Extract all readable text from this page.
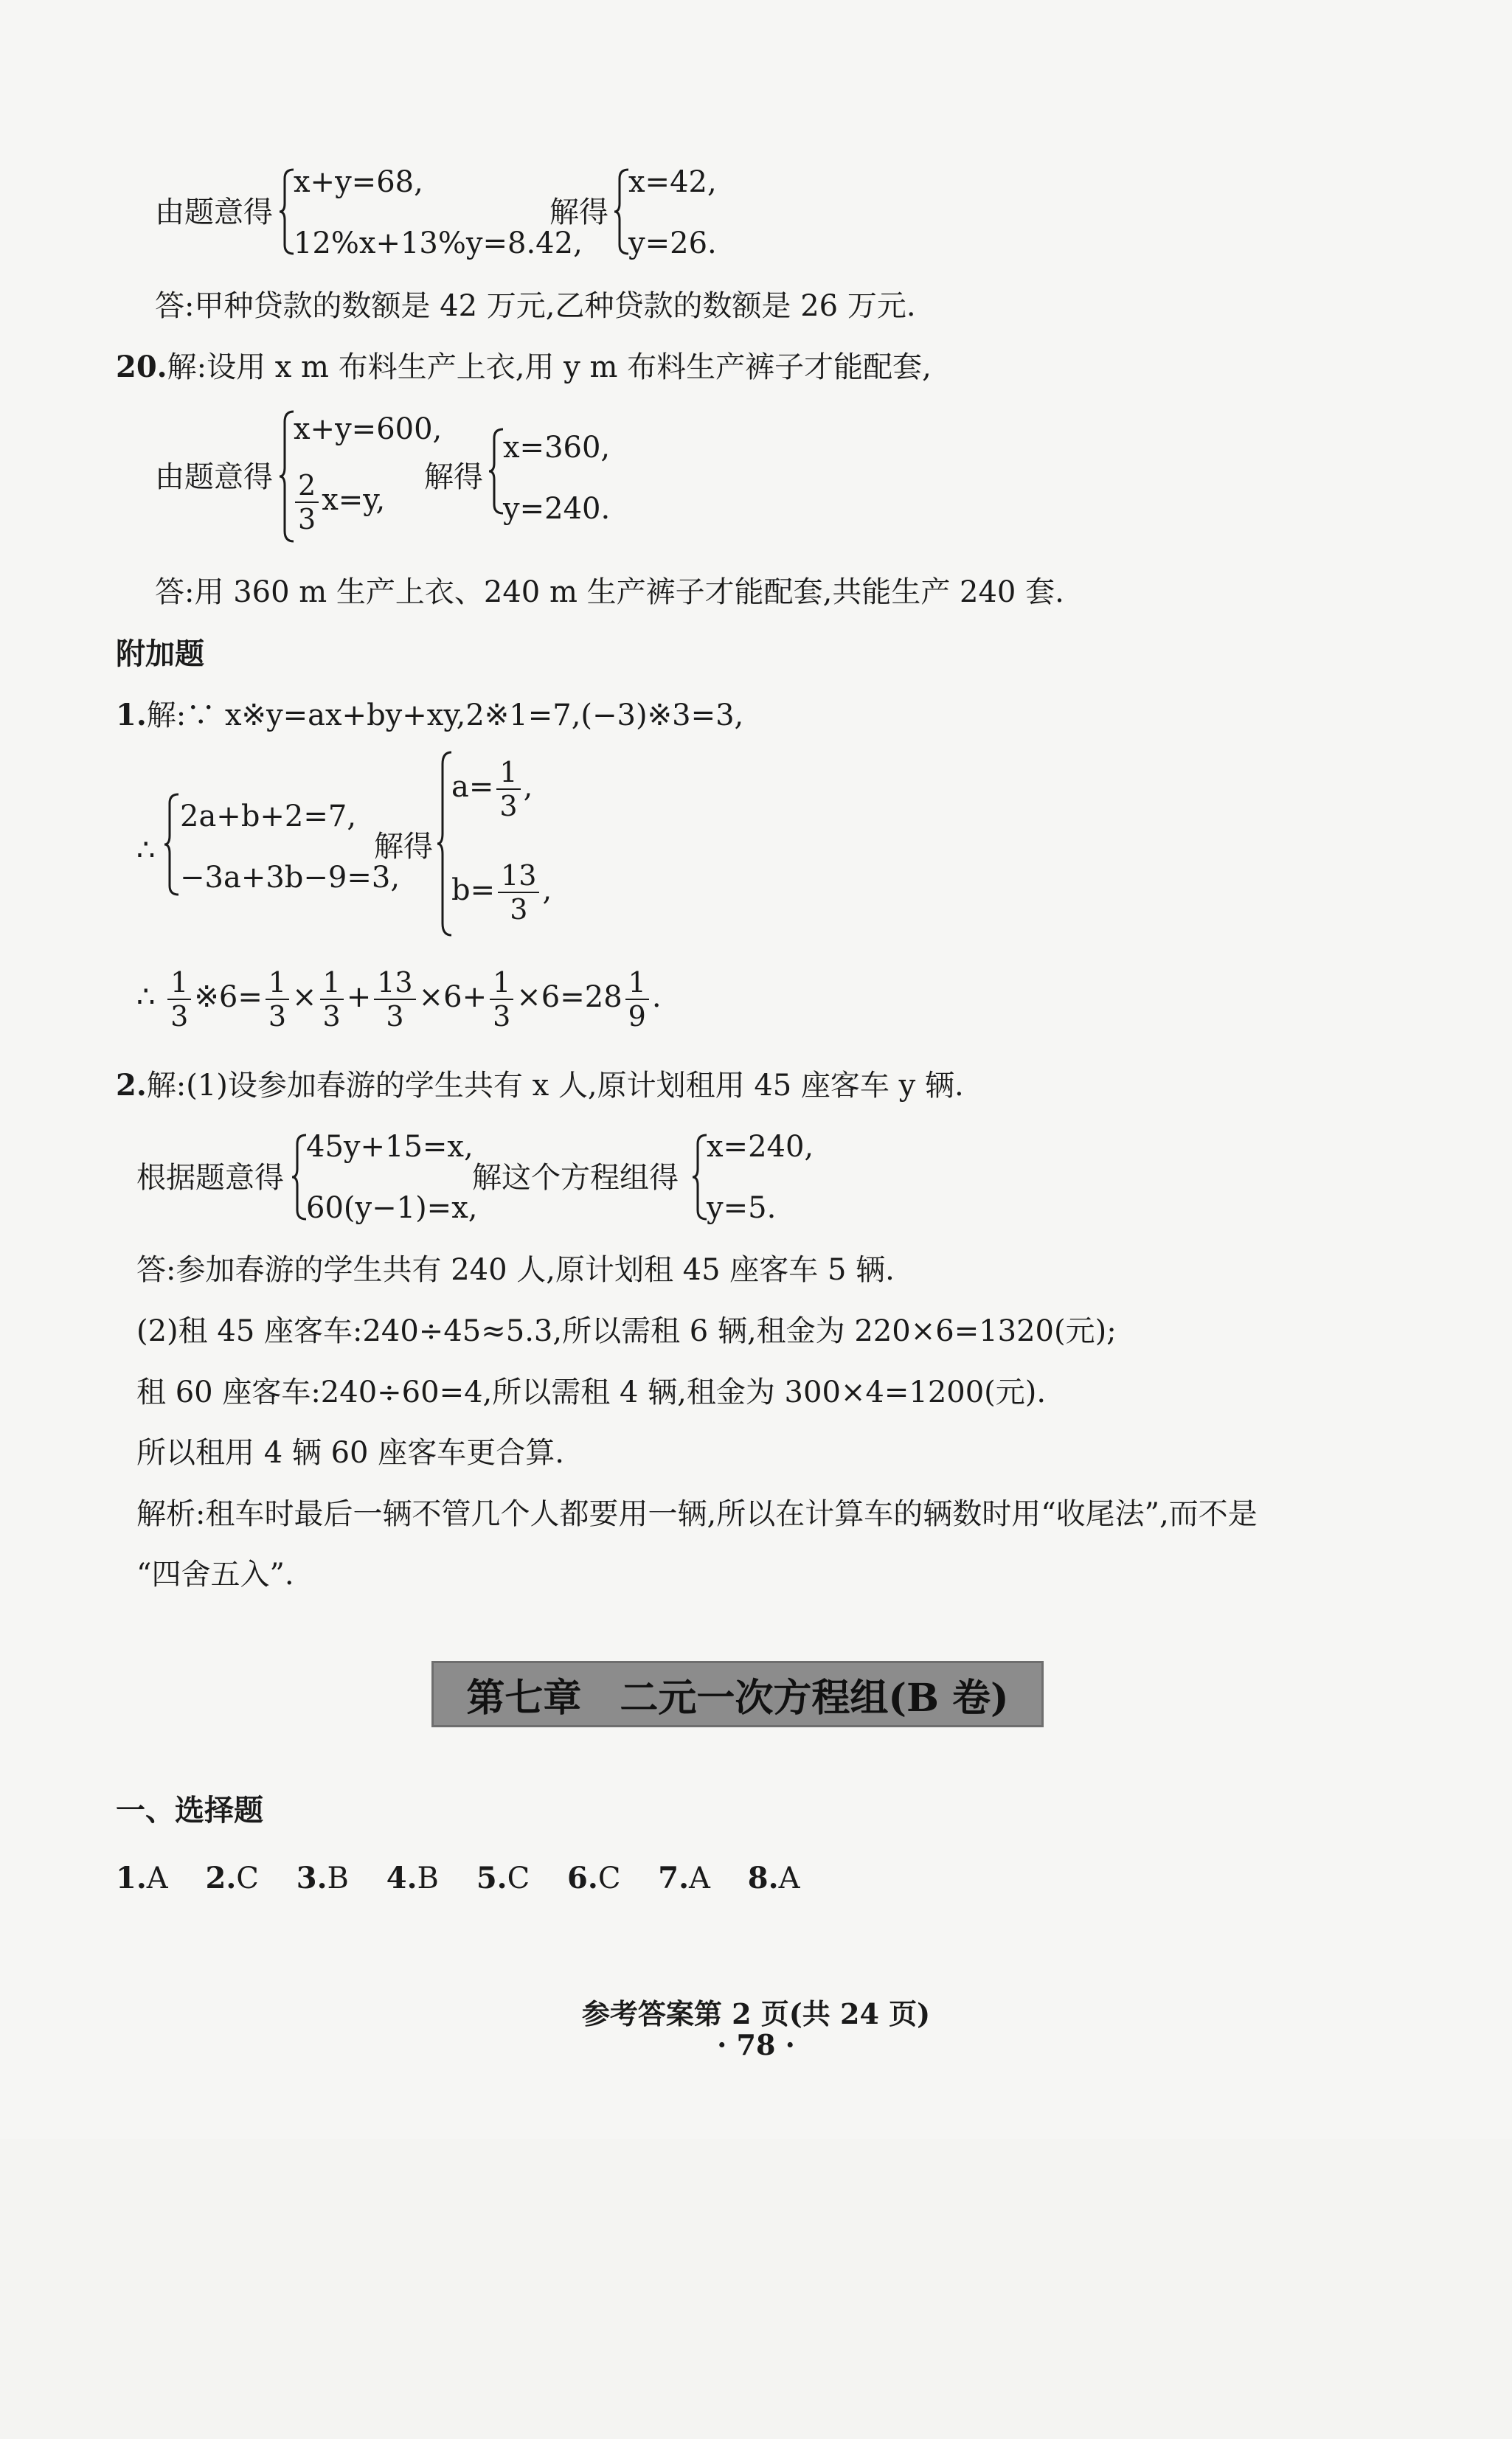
由题意得
x+y=68,
12%x+13%y=8.42,
解得
x=42,
y=26.
答:甲种贷款的数额是 42 万元,乙种贷款的数额是 26 万元.
20.解:设用 x m 布料生产上衣,用 y m 布料生产裤子才能配套,
由题意得
x+y=600,
$\frac{2}{3} x=y$,
解得
x=360,
y=240.
答:用 360 m 生产上衣、240 m 生产裤子才能配套,共能生产 240 套.
附加题
1.解:∵ x※y=ax+by+xy,2※1=7,(−3)※3=3,
∴
2a+b+2=7,
−3a+3b−9=3,
解得
$a= \frac{1}{3}$ ,
$b= \frac{13}{3}$ ,
∴ $\frac{1}{3}$ ※6= $\frac{1}{3} \times \frac{1}{3} + \frac{13}{3} \times 6+ \frac{1}{3} \times 6=28 \frac{1}{9}$ .
2.解:(1)设参加春游的学生共有 x 人,原计划租用 45 座客车 y 辆.
根据题意得
45y+15=x,
60(y−1)=x,
解这个方程组得
x=240,
y=5.
答:参加春游的学生共有 240 人,原计划租 45 座客车 5 辆.
(2)租 45 座客车:240÷45≈5.3,所以需租 6 辆,租金为 220×6=1320(元);
租 60 座客车:240÷60=4,所以需租 4 辆,租金为 300×4=1200(元).
所以租用 4 辆 60 座客车更合算.
解析:租车时最后一辆不管几个人都要用一辆,所以在计算车的辆数时用“收尾法”,而不是
“四舍五入”.
第七章　二元一次方程组(B 卷)
一、选择题
1.A 2.C 3.B 4.B 5.C 6.C 7.A 8.A
参考答案第 2 页(共 24 页)
· 78 ·
